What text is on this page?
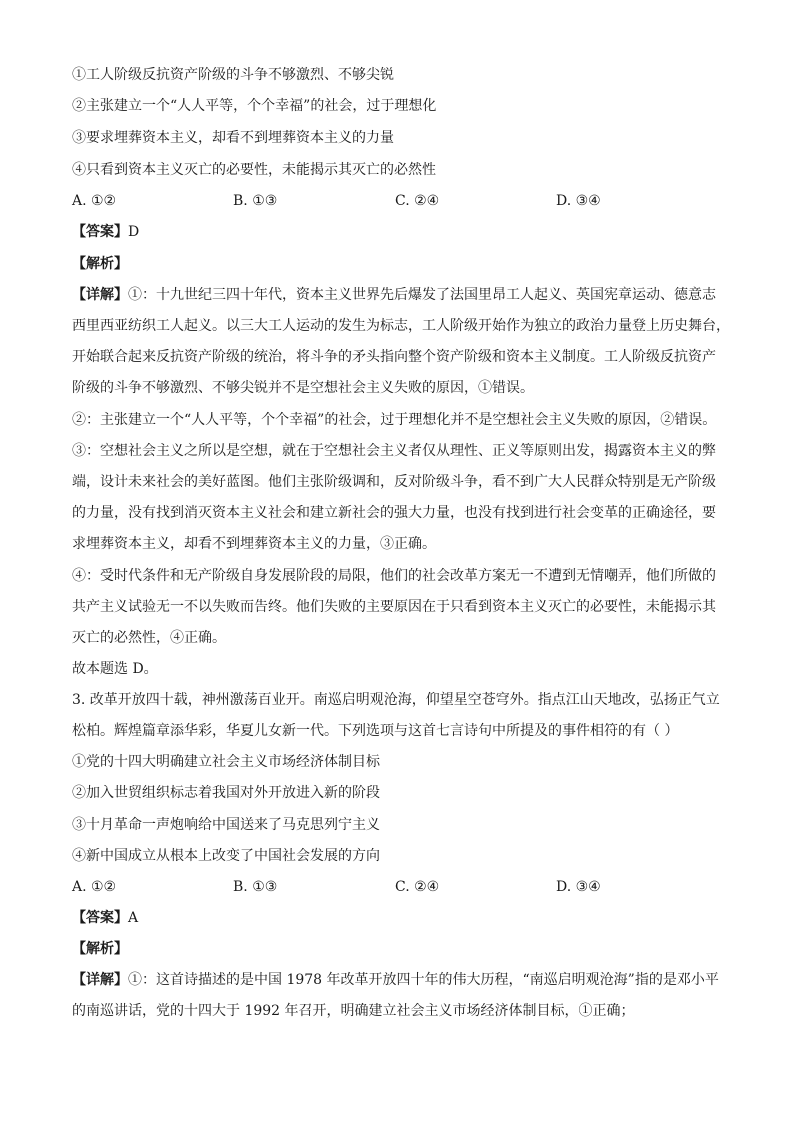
①工人阶级反抗资产阶级的斗争不够激烈、不够尖锐
②主张建立一个“人人平等，个个幸福”的社会，过于理想化
③要求埋葬资本主义，却看不到埋葬资本主义的力量
④只看到资本主义灭亡的必要性，未能揭示其灭亡的必然性
A. ①②	B. ①③	C. ②④	D. ③④
【答案】D
【解析】
【详解】①：十九世纪三四十年代，资本主义世界先后爆发了法国里昂工人起义、英国宪章运动、德意志
西里西亚纺织工人起义。以三大工人运动的发生为标志，工人阶级开始作为独立的政治力量登上历史舞台，
开始联合起来反抗资产阶级的统治，将斗争的矛头指向整个资产阶级和资本主义制度。工人阶级反抗资产
阶级的斗争不够激烈、不够尖锐并不是空想社会主义失败的原因，①错误。
②：主张建立一个“人人平等，个个幸福”的社会，过于理想化并不是空想社会主义失败的原因，②错误。
③：空想社会主义之所以是空想，就在于空想社会主义者仅从理性、正义等原则出发，揭露资本主义的弊
端，设计未来社会的美好蓝图。他们主张阶级调和，反对阶级斗争，看不到广大人民群众特别是无产阶级
的力量，没有找到消灭资本主义社会和建立新社会的强大力量，也没有找到进行社会变革的正确途径，要
求埋葬资本主义，却看不到埋葬资本主义的力量，③正确。
④：受时代条件和无产阶级自身发展阶段的局限，他们的社会改革方案无一不遭到无情嘲弄，他们所做的
共产主义试验无一不以失败而告终。他们失败的主要原因在于只看到资本主义灭亡的必要性，未能揭示其
灭亡的必然性，④正确。
故本题选 D。
3. 改革开放四十载，神州激荡百业开。南巡启明观沧海，仰望星空苍穹外。指点江山天地改，弘扬正气立
松柏。辉煌篇章添华彩，华夏儿女新一代。下列选项与这首七言诗句中所提及的事件相符的有（ ）
①党的十四大明确建立社会主义市场经济体制目标
②加入世贸组织标志着我国对外开放进入新的阶段
③十月革命一声炮响给中国送来了马克思列宁主义
④新中国成立从根本上改变了中国社会发展的方向
A. ①②	B. ①③	C. ②④	D. ③④
【答案】A
【解析】
的南巡讲话，党的十四大于 1992 年召开，明确建立社会主义市场经济体制目标，①正确；
【详解】①：这首诗描述的是中国 1978 年改革开放四十年的伟大历程，“南巡启明观沧海”指的是邓小平
